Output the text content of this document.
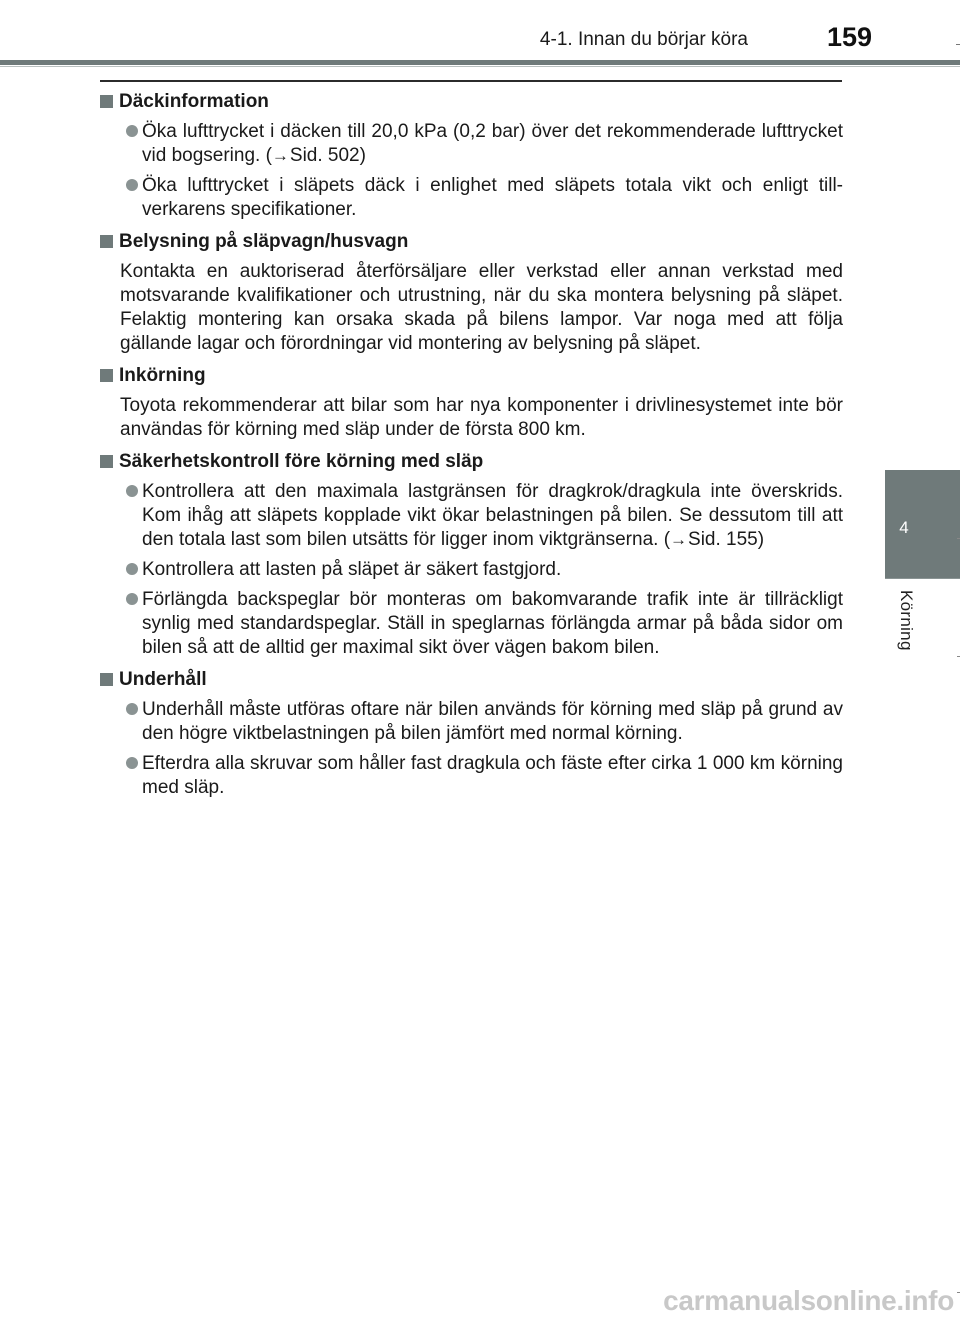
4-1. Innan du börjar köra	159
4
Körning
Däckinformation
Öka lufttrycket i däcken till 20,0 kPa (0,2 bar) över det rekommenderade lufttrycket vid bogsering. (→Sid. 502)
Öka lufttrycket i släpets däck i enlighet med släpets totala vikt och enligt tillverkarens specifikationer.
Belysning på släpvagn/husvagn
Kontakta en auktoriserad återförsäljare eller verkstad eller annan verkstad med motsvarande kvalifikationer och utrustning, när du ska montera belysning på släpet. Felaktig montering kan orsaka skada på bilens lampor. Var noga med att följa gällande lagar och förordningar vid montering av belysning på släpet.
Inkörning
Toyota rekommenderar att bilar som har nya komponenter i drivlinesystemet inte bör användas för körning med släp under de första 800 km.
Säkerhetskontroll före körning med släp
Kontrollera att den maximala lastgränsen för dragkrok/dragkula inte överskrids. Kom ihåg att släpets kopplade vikt ökar belastningen på bilen. Se dessutom till att den totala last som bilen utsätts för ligger inom viktgränserna. (→Sid. 155)
Kontrollera att lasten på släpet är säkert fastgjord.
Förlängda backspeglar bör monteras om bakomvarande trafik inte är tillräckligt synlig med standardspeglar. Ställ in speglarnas förlängda armar på båda sidor om bilen så att de alltid ger maximal sikt över vägen bakom bilen.
Underhåll
Underhåll måste utföras oftare när bilen används för körning med släp på grund av den högre viktbelastningen på bilen jämfört med normal körning.
Efterdra alla skruvar som håller fast dragkula och fäste efter cirka 1 000 km körning med släp.
carmanualsonline.info
